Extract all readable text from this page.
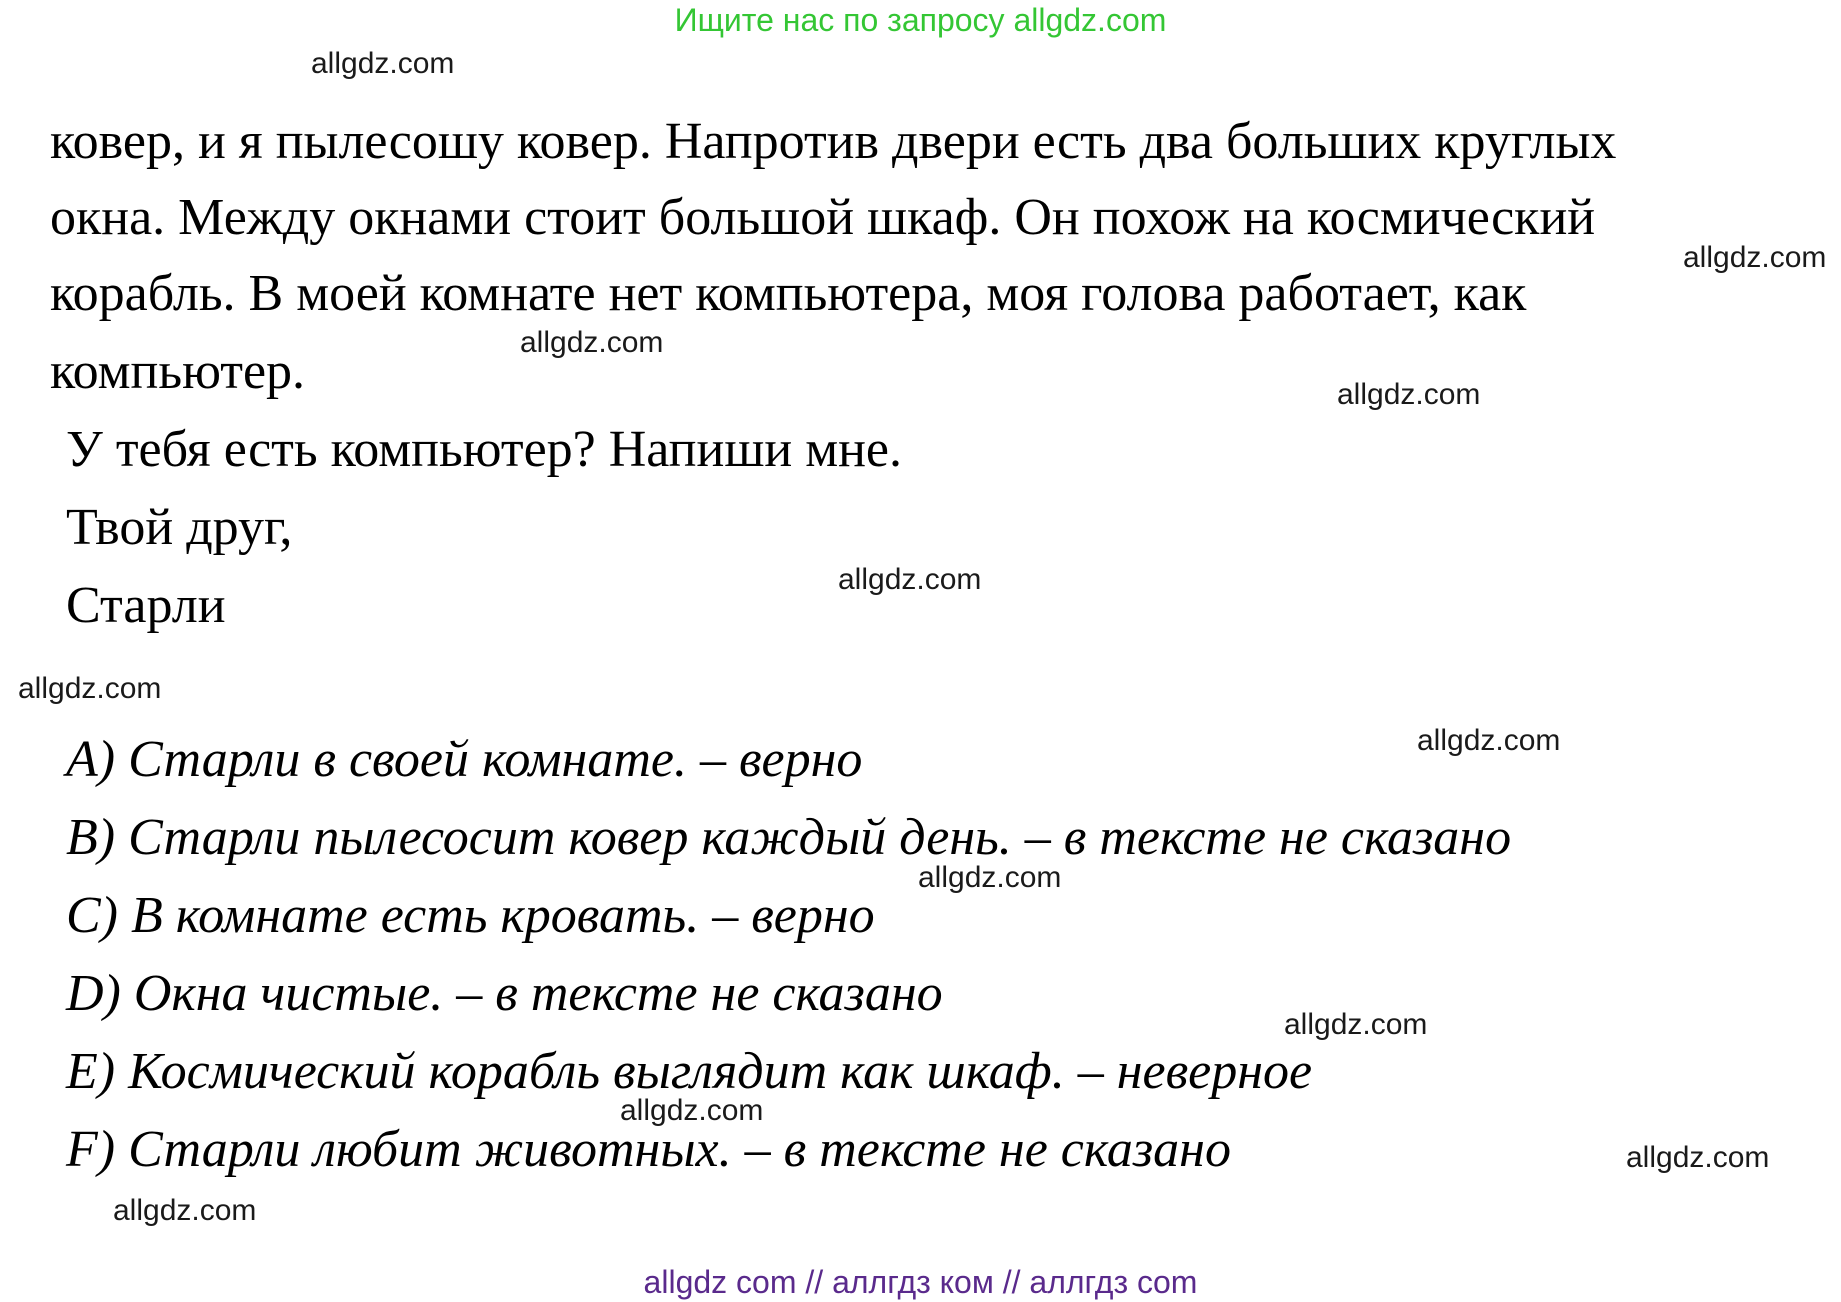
Ищите нас по запросу allgdz.com
allgdz.com
ковер, и я пылесошу ковер. Напротив двери есть два больших круглых
окна. Между окнами стоит большой шкаф. Он похож на космический
allgdz.com
корабль. В моей комнате нет компьютера, моя голова работает, как
allgdz.com
компьютер.	allgdz.com
У тебя есть компьютер? Напиши мне.
Твой друг,
allgdz.com
Старли
allgdz.com
A) Старли в своей комнате. – верно	allgdz.com
B) Старли пылесосит ковер каждый день. – в тексте не сказано
allgdz.com
C) В комнате есть кровать. – верно
D) Окна чистые. – в тексте не сказано
allgdz.com
E) Космический корабль выглядит как шкаф. – неверное
allgdz.com
F) Старли любит животных. – в тексте не сказано	allgdz.com
allgdz.com
allgdz com // аллгдз ком // аллгдз com
